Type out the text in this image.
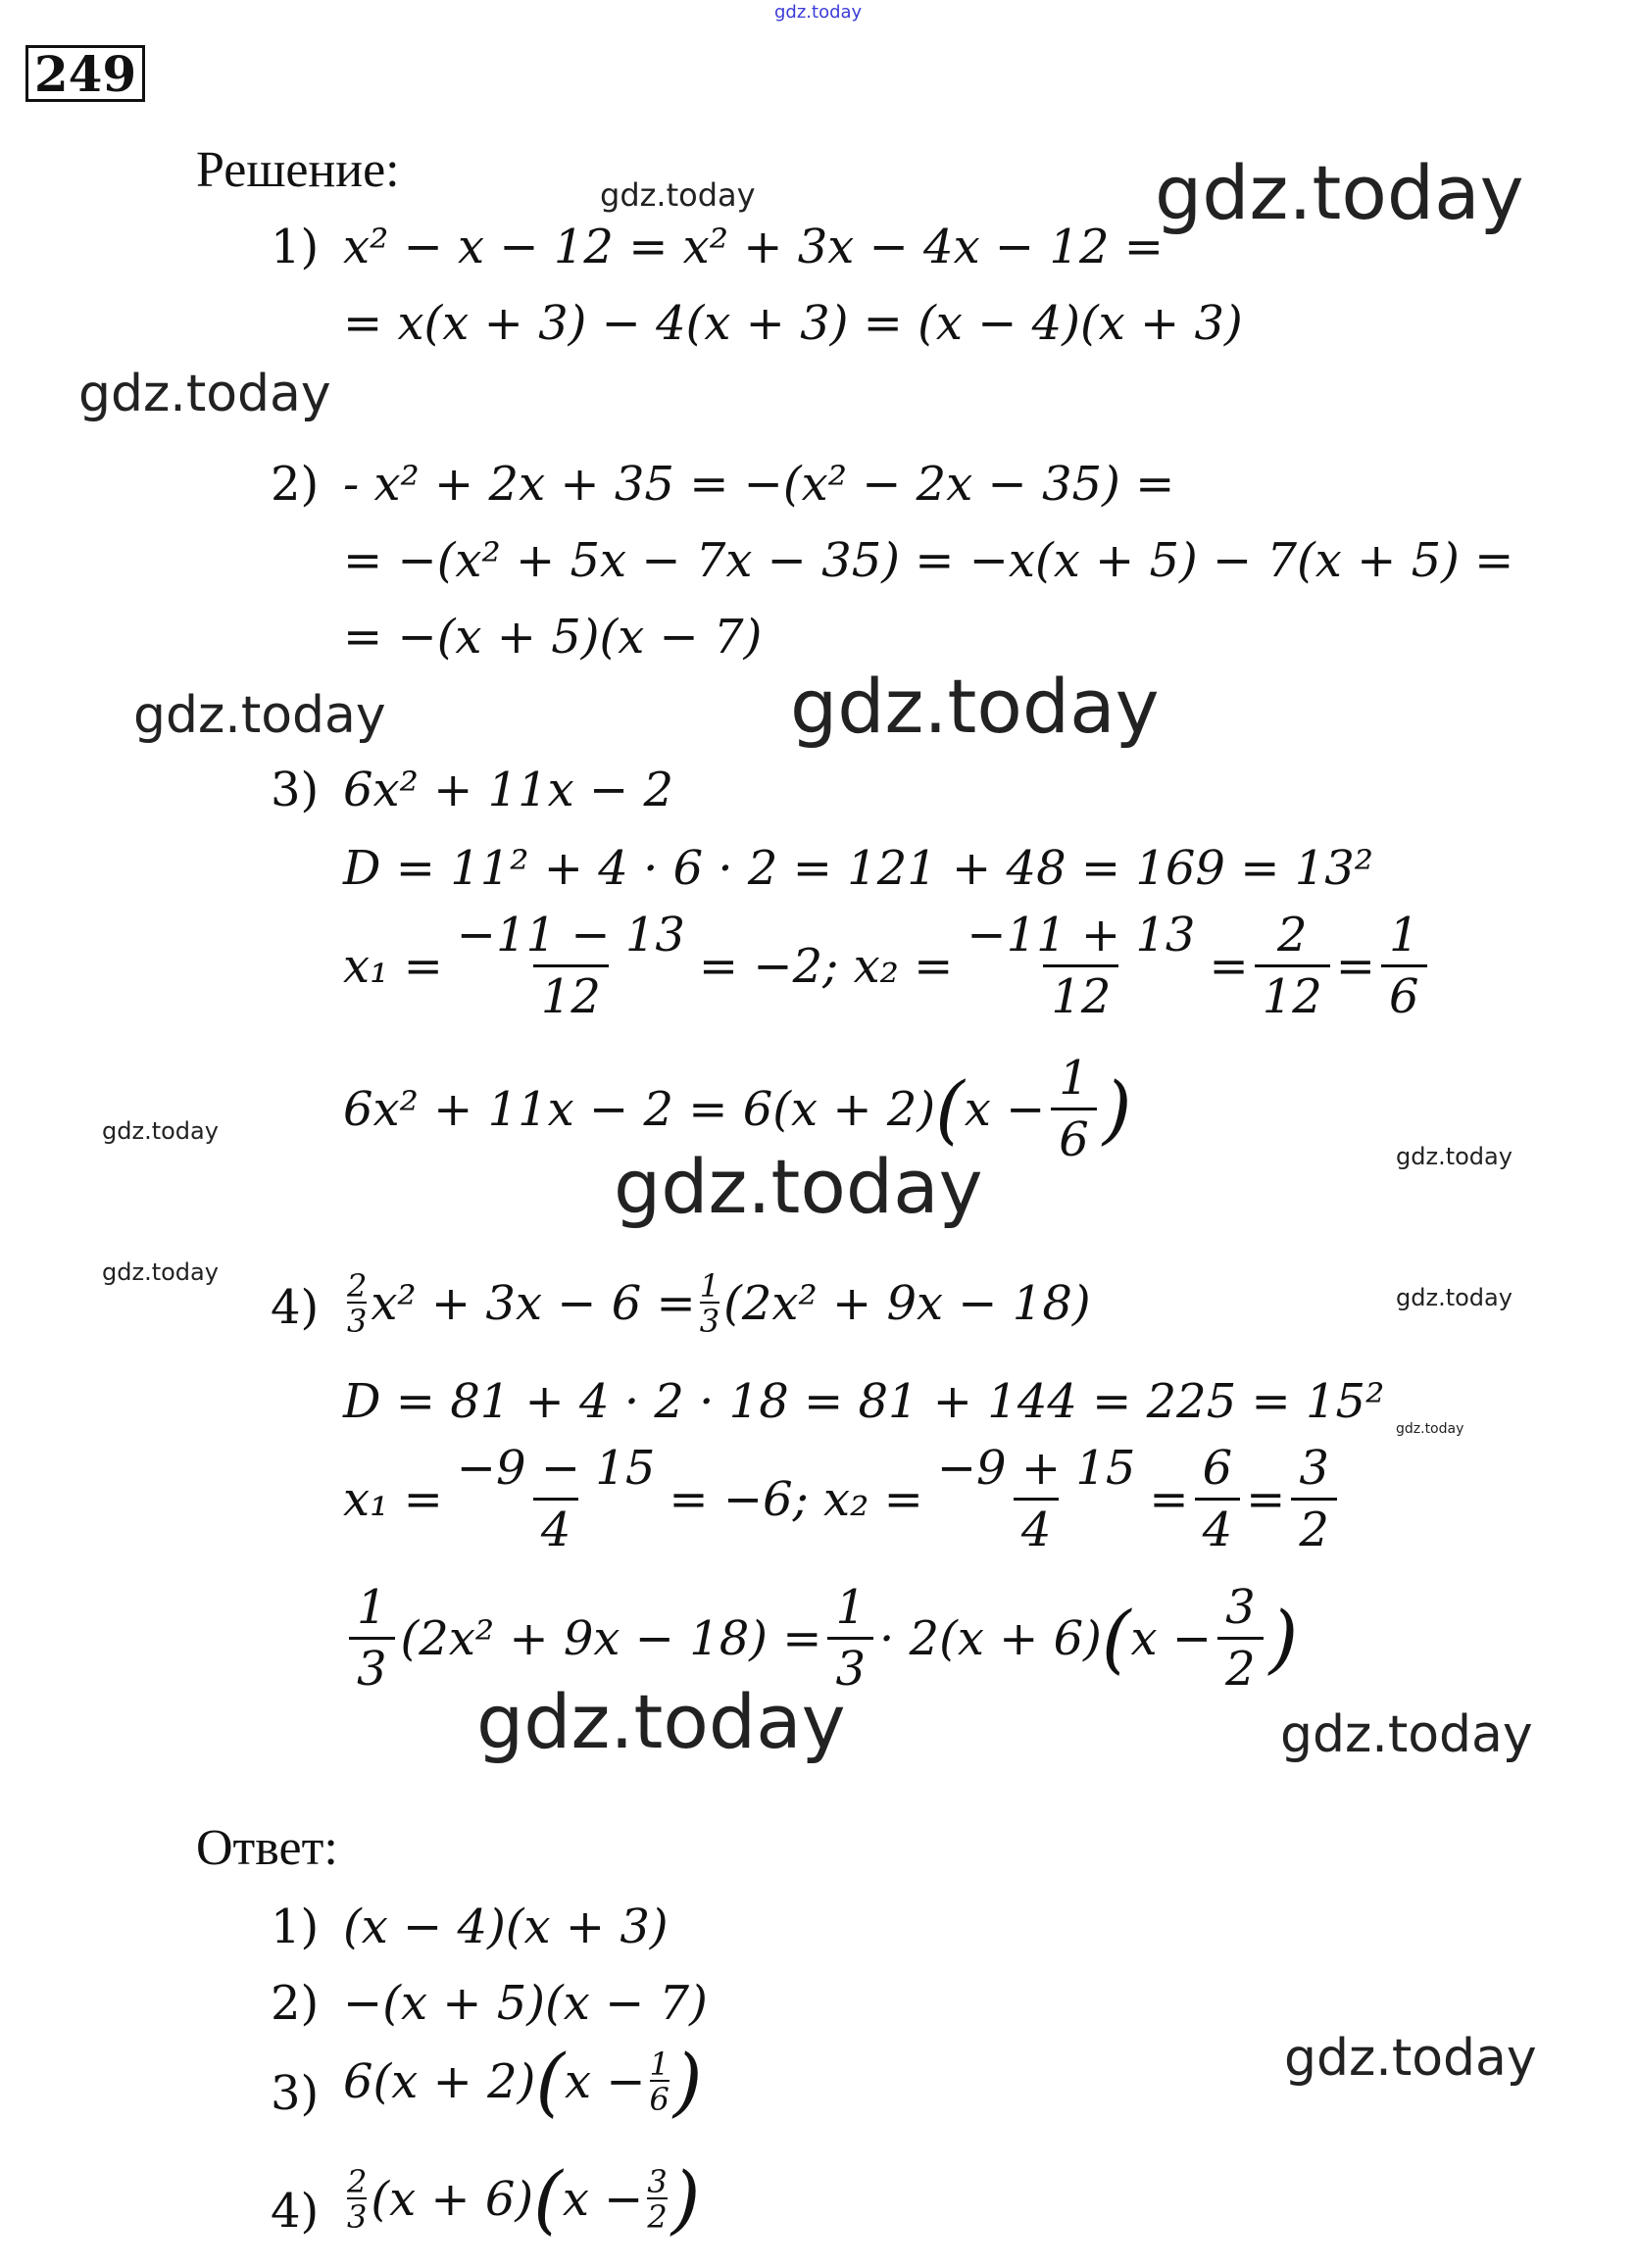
gdz.today
249
Решение:	gdz.today	gdz.today
gdz.today
gdz.today	gdz.today
gdz.today
gdz.today
gdz.today
gdz.today
gdz.today
gdz.today
gdz.today	gdz.today
gdz.today
1) x² − x − 12 = x² + 3x − 4x − 12 =
= x(x + 3) − 4(x + 3) = (x − 4)(x + 3)
2) - x² + 2x + 35 = −(x² − 2x − 35) =
= −(x² + 5x − 7x − 35) = −x(x + 5) − 7(x + 5) =
= −(x + 5)(x − 7)
3) 6x² + 11x − 2
D = 11² + 4 · 6 · 2 = 121 + 48 = 169 = 13²
$x_1 = \frac{-11 - 13}{12} = -2$; $x_2 = \frac{-11 + 13}{12} = \frac{2}{12} = \frac{1}{6}$
6x² + 11x − 2 = 6(x + 2) ( $x - \frac{1}{6}$ )
$4) \frac{2}{3} x^2 + 3x - 6 = \frac{1}{3} (2x^2 + 9x - 18)$
D = 81 + 4 · 2 · 18 = 81 + 144 = 225 = 15²
$x_1 = \frac{-9 - 15}{4} = -6$; $x_2 = \frac{-9 + 15}{4} = \frac{6}{4} = \frac{3}{2}$
$\frac{1}{3} (2x^2 + 9x - 18) = \frac{1}{3} \cdot 2(x + 6)$ ( $x - \frac{3}{2}$ )
Ответ:
1) (x − 4)(x + 3)
2) −(x + 5)(x − 7)
3) 6(x + 2) ( $x - \frac{1}{6}$ )
$4) \frac{2}{3} (x + 6)$ ( $x - \frac{3}{2}$ )
